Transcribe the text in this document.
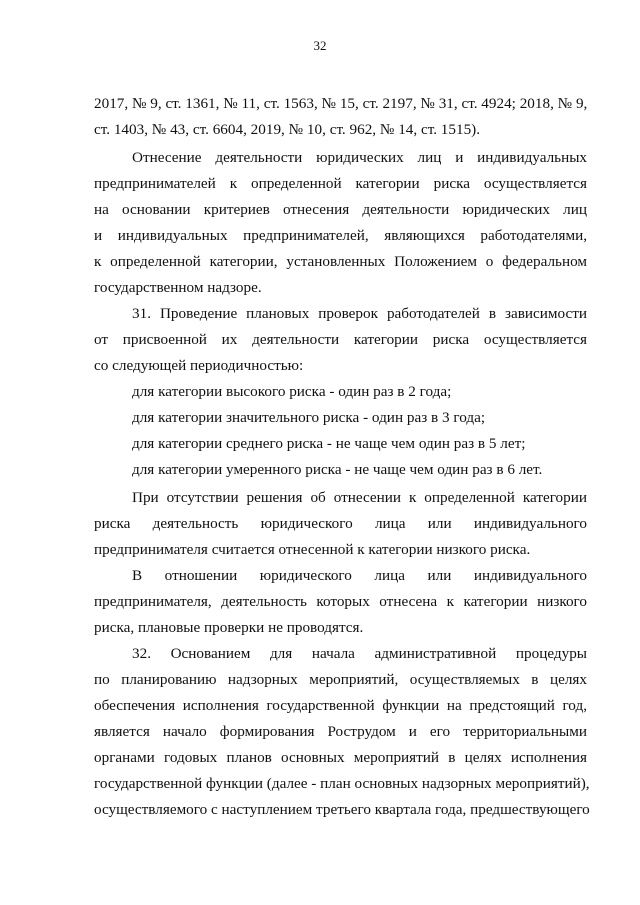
32
2017, № 9, ст. 1361, № 11, ст. 1563, № 15, ст. 2197, № 31, ст. 4924; 2018, № 9,
ст. 1403, № 43, ст. 6604, 2019, № 10, ст. 962, № 14, ст. 1515).
Отнесение деятельности юридических лиц и индивидуальных
предпринимателей к определенной категории риска осуществляется
на основании критериев отнесения деятельности юридических лиц
и индивидуальных предпринимателей, являющихся работодателями,
к определенной категории, установленных Положением о федеральном
государственном надзоре.
31. Проведение плановых проверок работодателей в зависимости
от присвоенной их деятельности категории риска осуществляется
со следующей периодичностью:
для категории высокого риска - один раз в 2 года;
для категории значительного риска - один раз в 3 года;
для категории среднего риска - не чаще чем один раз в 5 лет;
для категории умеренного риска - не чаще чем один раз в 6 лет.
При отсутствии решения об отнесении к определенной категории
риска деятельность юридического лица или индивидуального
предпринимателя считается отнесенной к категории низкого риска.
В отношении юридического лица или индивидуального
предпринимателя, деятельность которых отнесена к категории низкого
риска, плановые проверки не проводятся.
32. Основанием для начала административной процедуры
по планированию надзорных мероприятий, осуществляемых в целях
обеспечения исполнения государственной функции на предстоящий год,
является начало формирования Рострудом и его территориальными
органами годовых планов основных мероприятий в целях исполнения
государственной функции (далее - план основных надзорных мероприятий),
осуществляемого с наступлением третьего квартала года, предшествующего
